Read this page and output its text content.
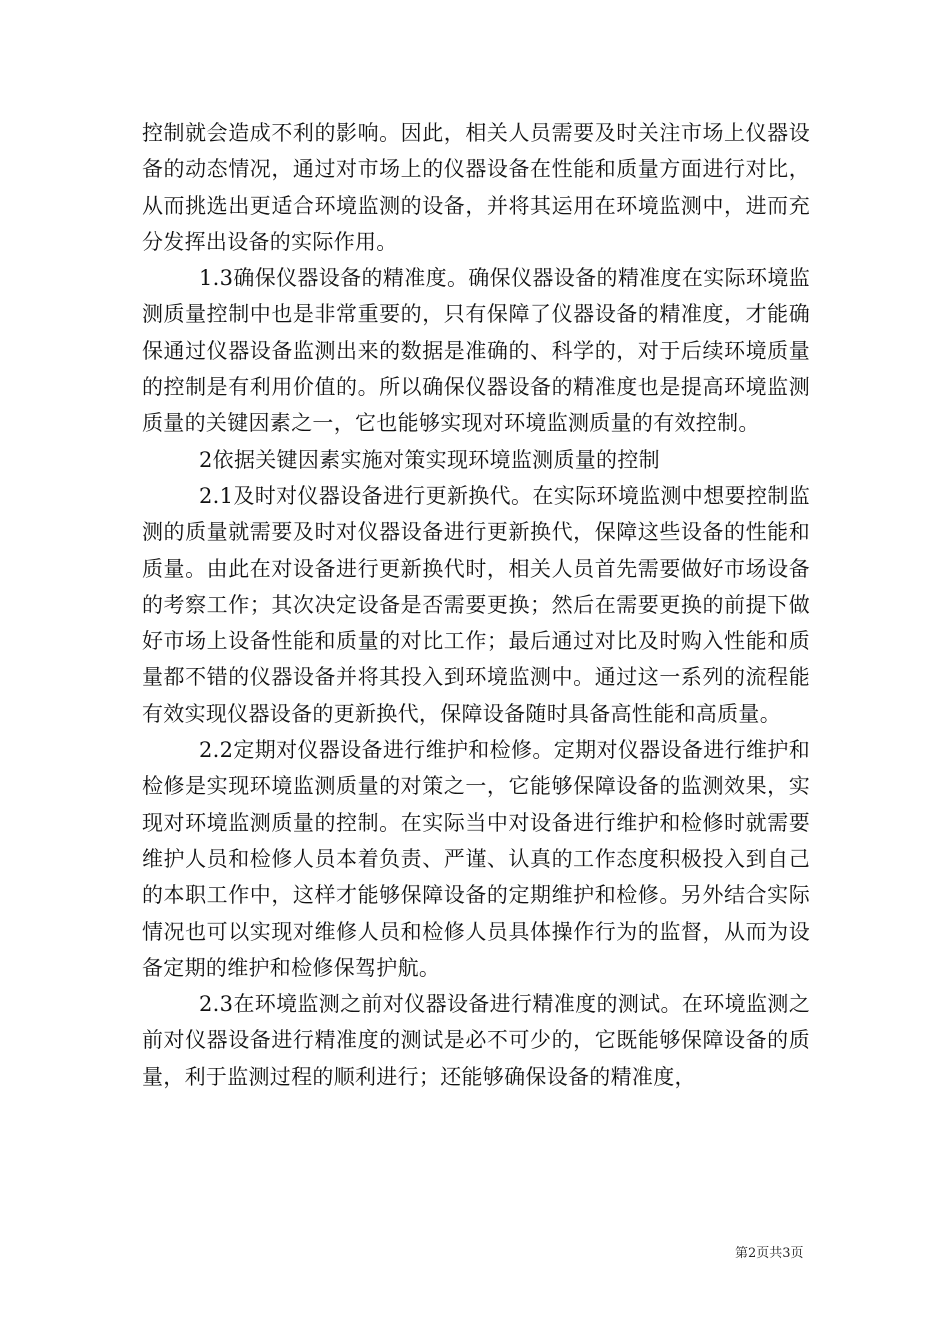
控制就会造成不利的影响。因此，相关人员需要及时关注市场上仪器设备的动态情况，通过对市场上的仪器设备在性能和质量方面进行对比，从而挑选出更适合环境监测的设备，并将其运用在环境监测中，进而充分发挥出设备的实际作用。

1.3确保仪器设备的精准度。确保仪器设备的精准度在实际环境监测质量控制中也是非常重要的，只有保障了仪器设备的精准度，才能确保通过仪器设备监测出来的数据是准确的、科学的，对于后续环境质量的控制是有利用价值的。所以确保仪器设备的精准度也是提高环境监测质量的关键因素之一，它也能够实现对环境监测质量的有效控制。

2依据关键因素实施对策实现环境监测质量的控制

2.1及时对仪器设备进行更新换代。在实际环境监测中想要控制监测的质量就需要及时对仪器设备进行更新换代，保障这些设备的性能和质量。由此在对设备进行更新换代时，相关人员首先需要做好市场设备的考察工作；其次决定设备是否需要更换；然后在需要更换的前提下做好市场上设备性能和质量的对比工作；最后通过对比及时购入性能和质量都不错的仪器设备并将其投入到环境监测中。通过这一系列的流程能有效实现仪器设备的更新换代，保障设备随时具备高性能和高质量。

2.2定期对仪器设备进行维护和检修。定期对仪器设备进行维护和检修是实现环境监测质量的对策之一，它能够保障设备的监测效果，实现对环境监测质量的控制。在实际当中对设备进行维护和检修时就需要维护人员和检修人员本着负责、严谨、认真的工作态度积极投入到自己的本职工作中，这样才能够保障设备的定期维护和检修。另外结合实际情况也可以实现对维修人员和检修人员具体操作行为的监督，从而为设备定期的维护和检修保驾护航。

2.3在环境监测之前对仪器设备进行精准度的测试。在环境监测之前对仪器设备进行精准度的测试是必不可少的，它既能够保障设备的质量，利于监测过程的顺利进行；还能够确保设备的精准度，

第2页共3页
